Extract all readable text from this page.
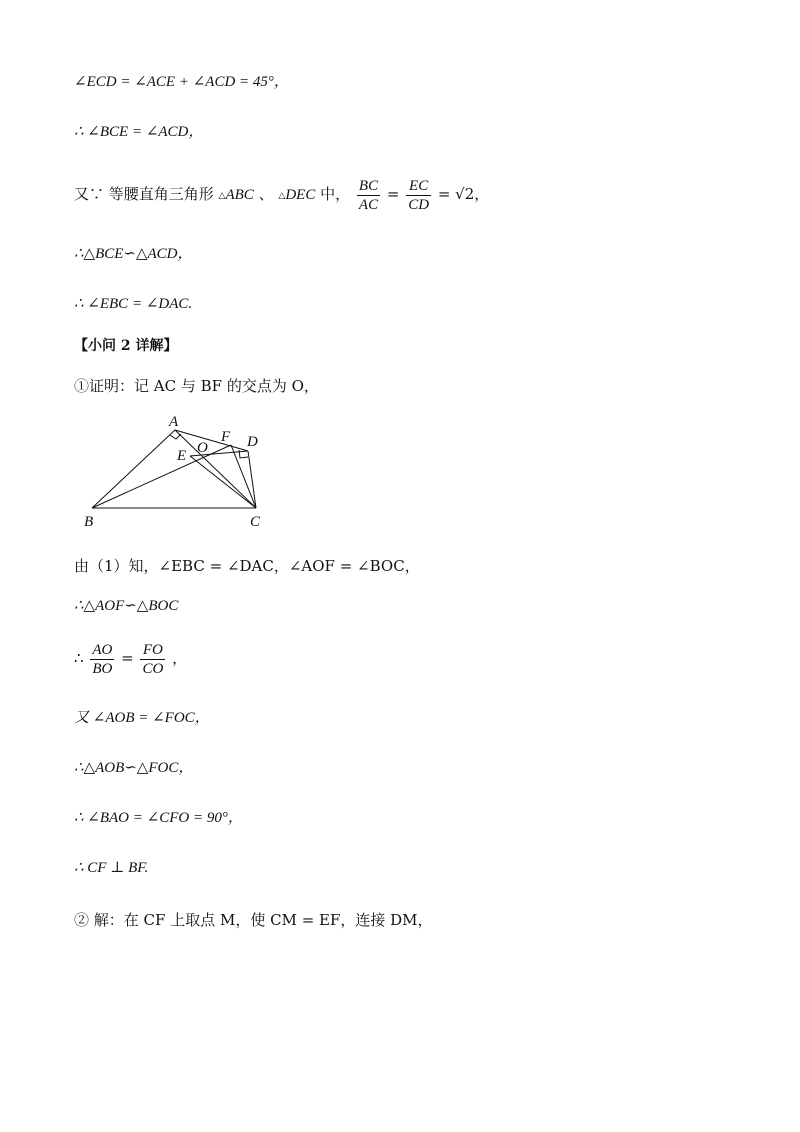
∠ECD = ∠ACE + ∠ACD = 45°，
∴ ∠BCE = ∠ACD，
又∵ 等腰直角三角形 △ABC 、 △DEC 中， $\frac{BC}{AC} = \frac{EC}{CD} = √2$，
∴△BCE∽△ACD，
∴ ∠EBC = ∠DAC.
【小问 2 详解】
①证明：记 AC 与 BF 的交点为 O，
A
B	C
D
E
F
O
由（1）知，∠EBC = ∠DAC，∠AOF = ∠BOC，
∴△AOF∽△BOC
∴ $\frac{AO}{BO} = \frac{FO}{CO}$ ，
又 ∠AOB = ∠FOC，
∴△AOB∽△FOC，
∴ ∠BAO = ∠CFO = 90°，
∴ CF ⊥ BF.
② 解：在 CF 上取点 M，使 CM = EF，连接 DM，
